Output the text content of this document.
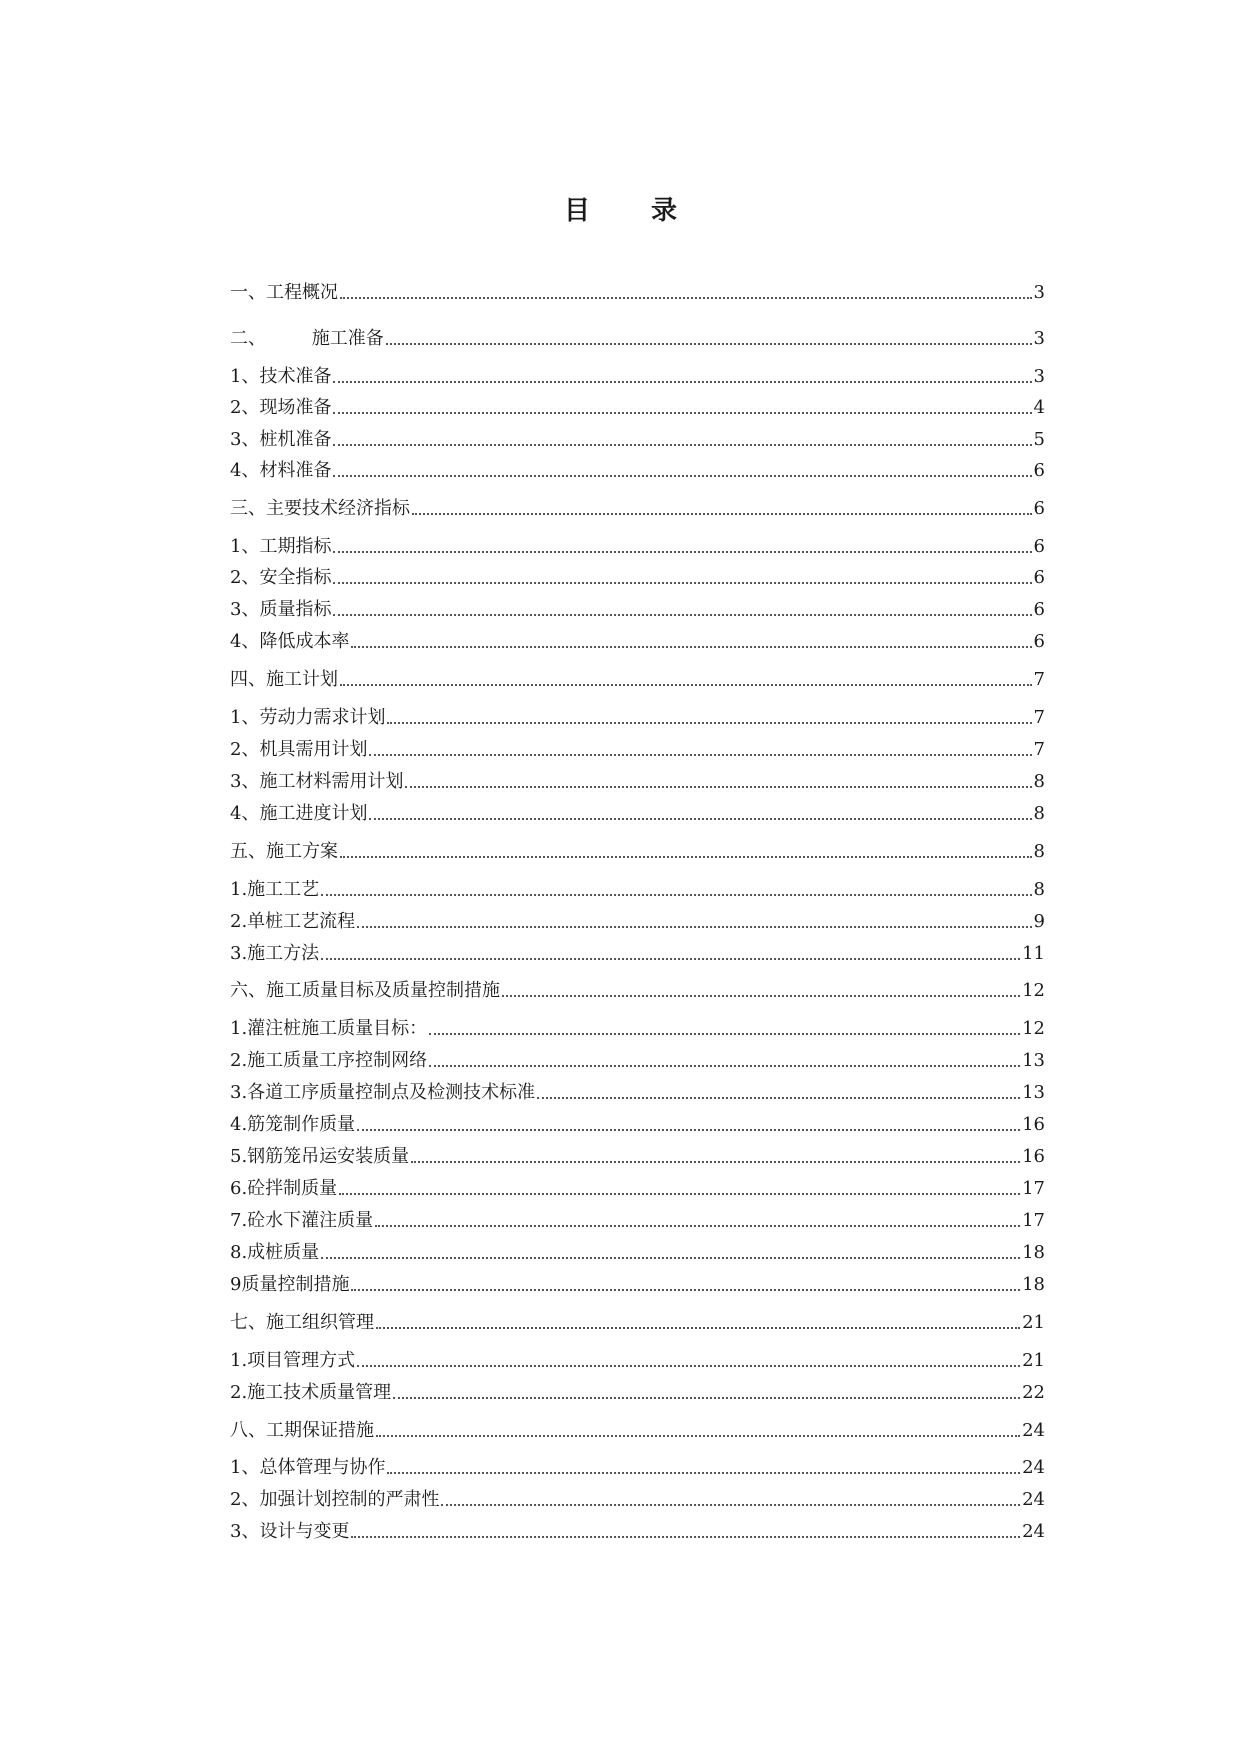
目 录
一、工程概况	3
二、        施工准备	3
1、技术准备	3
2、现场准备	4
3、桩机准备	5
4、材料准备	6
三、主要技术经济指标	6
1、工期指标	6
2、安全指标	6
3、质量指标	6
4、降低成本率	6
四、施工计划	7
1、劳动力需求计划	7
2、机具需用计划	7
3、施工材料需用计划	8
4、施工进度计划	8
五、施工方案	8
1.施工工艺	8
2.单桩工艺流程	9
3.施工方法	11
六、施工质量目标及质量控制措施	12
1.灌注桩施工质量目标：	12
2.施工质量工序控制网络	13
3.各道工序质量控制点及检测技术标准	13
4.筋笼制作质量	16
5.钢筋笼吊运安装质量	16
6.砼拌制质量	17
7.砼水下灌注质量	17
8.成桩质量	18
9质量控制措施	18
七、施工组织管理	21
1.项目管理方式	21
2.施工技术质量管理	22
八、工期保证措施	24
1、总体管理与协作	24
2、加强计划控制的严肃性	24
3、设计与变更	24
